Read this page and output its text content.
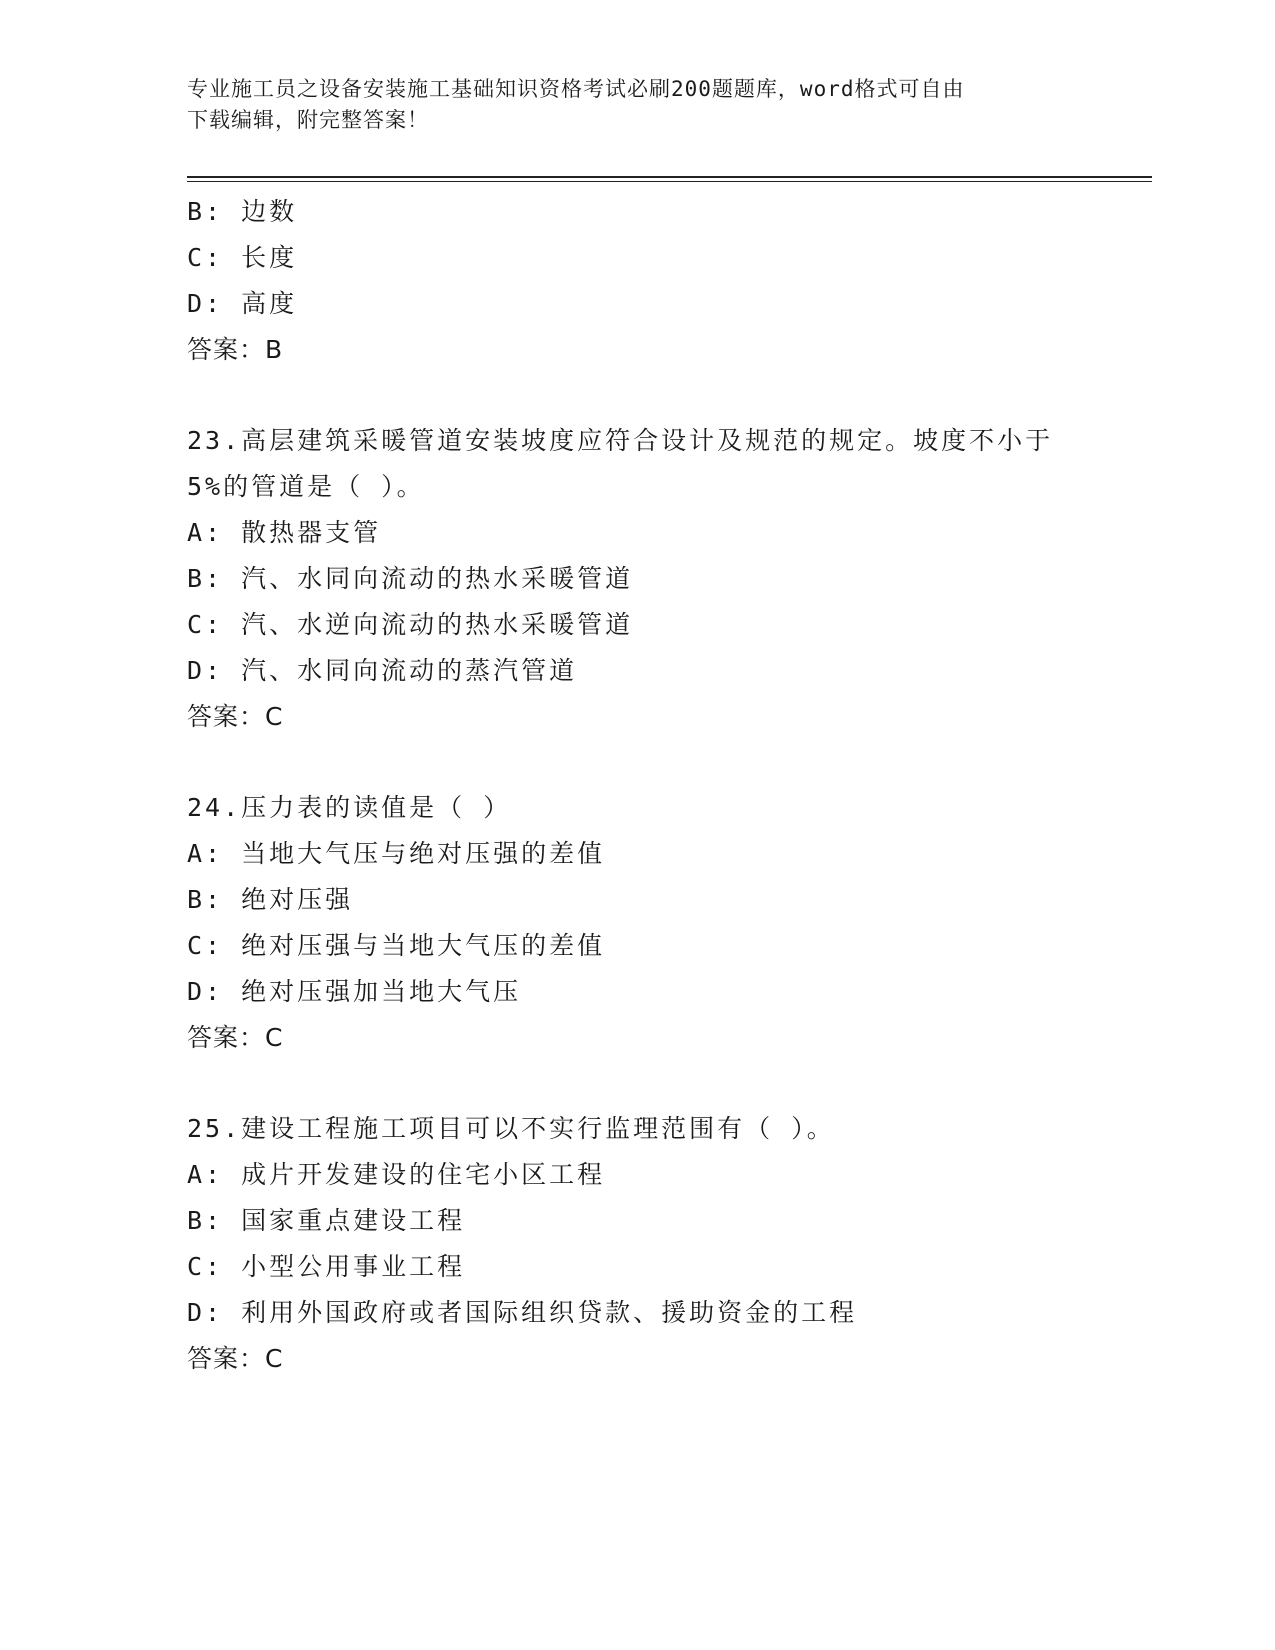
专业施工员之设备安装施工基础知识资格考试必刷200题题库，word格式可自由
下载编辑，附完整答案！
B: 边数
C: 长度
D: 高度
答案：B
23.高层建筑采暖管道安装坡度应符合设计及规范的规定。坡度不小于
5%的管道是（ ）。
A: 散热器支管
B: 汽、水同向流动的热水采暖管道
C: 汽、水逆向流动的热水采暖管道
D: 汽、水同向流动的蒸汽管道
答案：C
24.压力表的读值是（ ）
A: 当地大气压与绝对压强的差值
B: 绝对压强
C: 绝对压强与当地大气压的差值
D: 绝对压强加当地大气压
答案：C
25.建设工程施工项目可以不实行监理范围有（ ）。
A: 成片开发建设的住宅小区工程
B: 国家重点建设工程
C: 小型公用事业工程
D: 利用外国政府或者国际组织贷款、援助资金的工程
答案：C
